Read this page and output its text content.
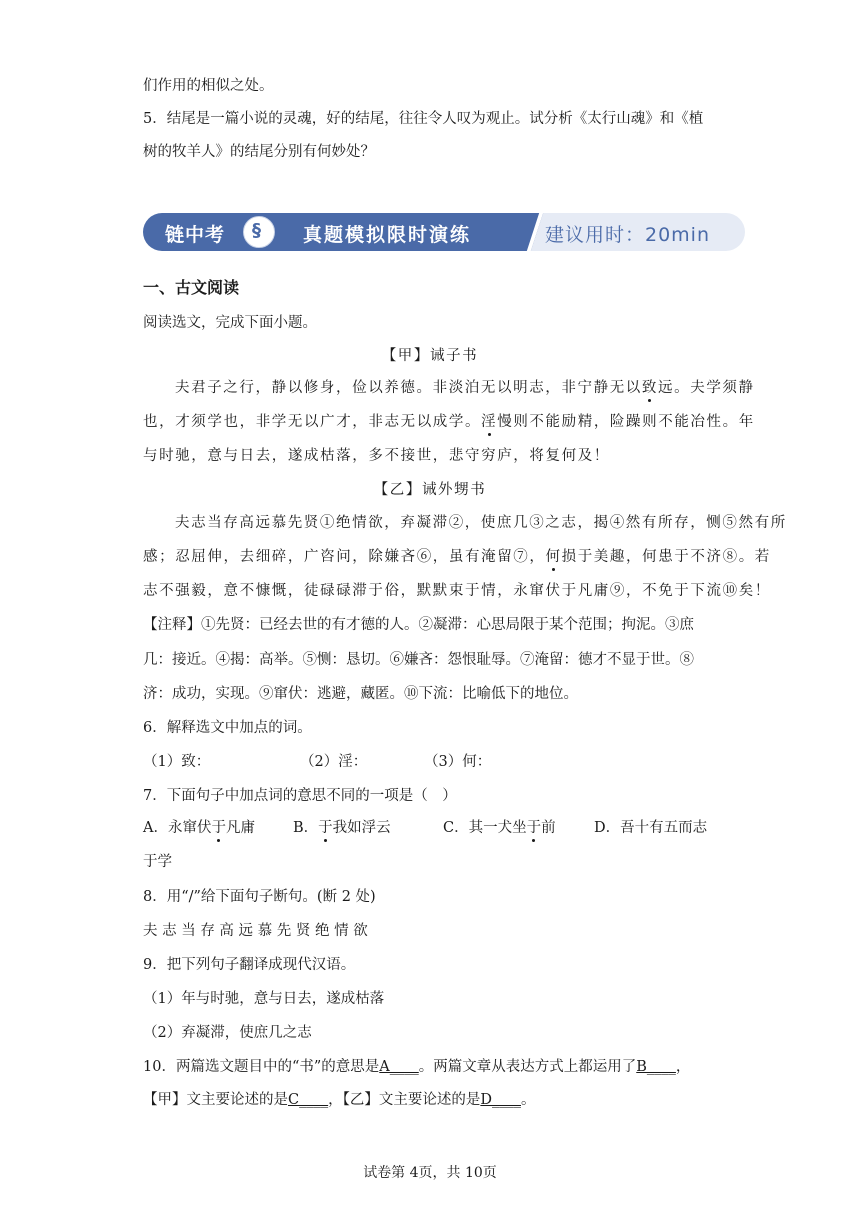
们作用的相似之处。
5．结尾是一篇小说的灵魂，好的结尾，往往令人叹为观止。试分析《太行山魂》和《植
树的牧羊人》的结尾分别有何妙处？
链中考 § 真题模拟限时演练	建议用时：20min
一、古文阅读
阅读选文，完成下面小题。
【甲】诫子书
夫君子之行，静以修身，俭以养德。非淡泊无以明志，非宁静无以致远。夫学须静
也，才须学也，非学无以广才，非志无以成学。淫慢则不能励精，险躁则不能冶性。年
与时驰，意与日去，遂成枯落，多不接世，悲守穷庐，将复何及！
【乙】诫外甥书
夫志当存高远慕先贤①绝情欲，弃凝滞②，使庶几③之志，揭④然有所存，恻⑤然有所
感；忍屈伸，去细碎，广咨问，除嫌吝⑥，虽有淹留⑦，何损于美趣，何患于不济⑧。若
志不强毅，意不慷慨，徒碌碌滞于俗，默默束于情，永窜伏于凡庸⑨，不免于下流⑩矣！
【注释】①先贤：已经去世的有才德的人。②凝滞：心思局限于某个范围；拘泥。③庶
几：接近。④揭：高举。⑤恻：恳切。⑥嫌吝：怨恨耻辱。⑦淹留：德才不显于世。⑧
济：成功，实现。⑨窜伏：逃避，藏匿。⑩下流：比喻低下的地位。
6．解释选文中加点的词。
（1）致：	（2）淫：	（3）何：
7．下面句子中加点词的意思不同的一项是（　）
A．永窜伏于凡庸	B．于我如浮云	C．其一犬坐于前	D．吾十有五而志
于学
8．用“/”给下面句子断句。(断 2 处)
夫 志 当 存 高 远 慕 先 贤 绝 情 欲
9．把下列句子翻译成现代汉语。
（1）年与时驰，意与日去，遂成枯落
（2）弃凝滞，使庶几之志
10．两篇选文题目中的“书”的意思是A____。两篇文章从表达方式上都运用了B____，
【甲】文主要论述的是C____，【乙】文主要论述的是D____。
试卷第 4页，共 10页
